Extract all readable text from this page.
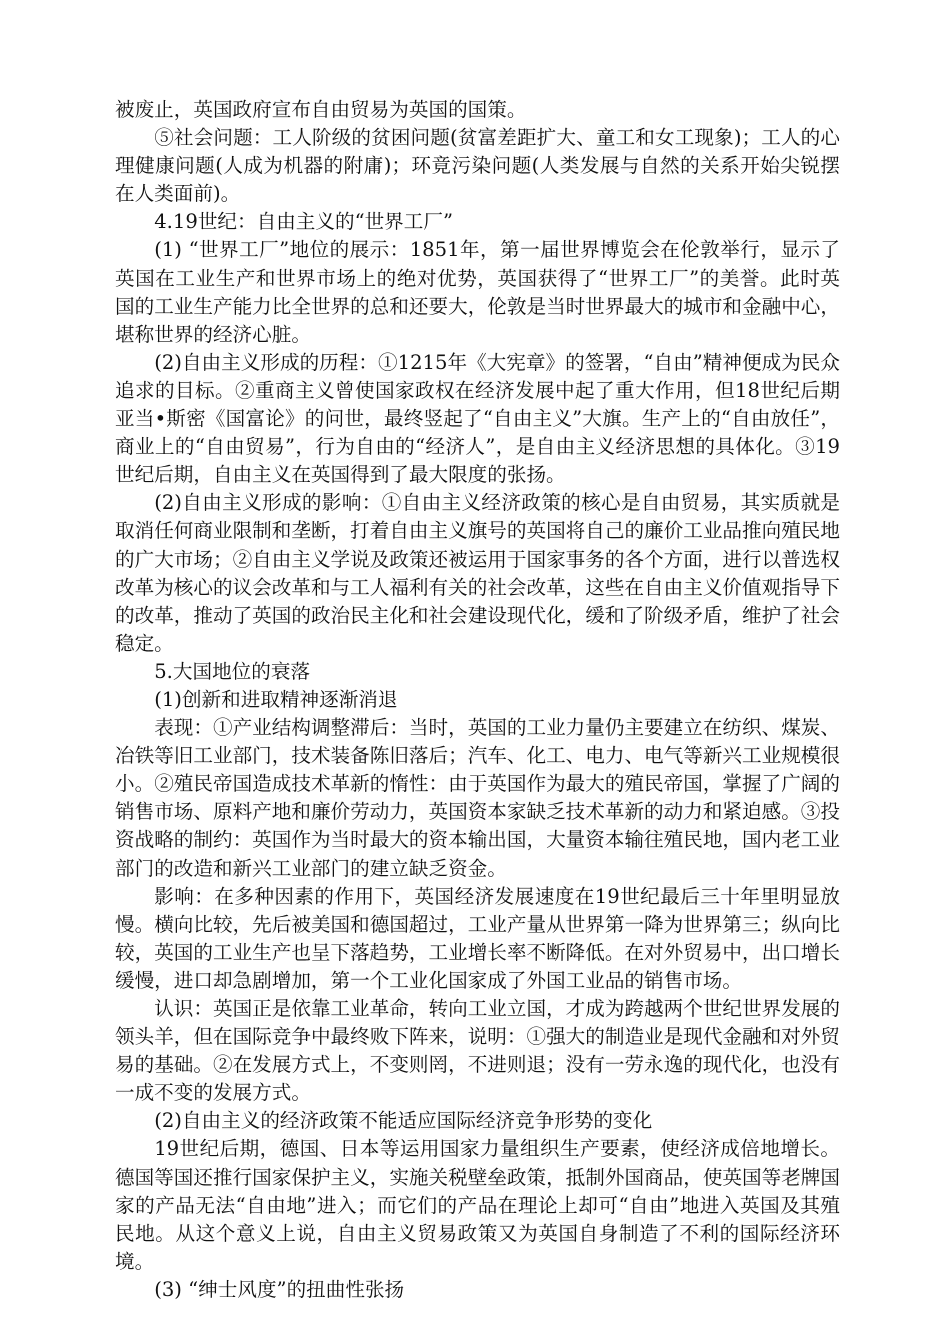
被废止，英国政府宣布自由贸易为英国的国策。

⑤社会问题：工人阶级的贫困问题(贫富差距扩大、童工和女工现象)；工人的心理健康问题(人成为机器的附庸)；环竟污染问题(人类发展与自然的关系开始尖锐摆在人类面前)。

4.19世纪：自由主义的“世界工厂”

(1) “世界工厂”地位的展示：1851年，第一届世界博览会在伦敦举行，显示了英国在工业生产和世界市场上的绝对优势，英国获得了“世界工厂”的美誉。此时英国的工业生产能力比全世界的总和还要大，伦敦是当时世界最大的城市和金融中心，堪称世界的经济心脏。

(2)自由主义形成的历程：①1215年《大宪章》的签署，“自由”精神便成为民众追求的目标。②重商主义曾使国家政权在经济发展中起了重大作用，但18世纪后期亚当•斯密《国富论》的问世，最终竖起了“自由主义”大旗。生产上的“自由放任”，商业上的“自由贸易”，行为自由的“经济人”，是自由主义经济思想的具体化。③19世纪后期，自由主义在英国得到了最大限度的张扬。

(2)自由主义形成的影响：①自由主义经济政策的核心是自由贸易，其实质就是取消任何商业限制和垄断，打着自由主义旗号的英国将自己的廉价工业品推向殖民地的广大市场；②自由主义学说及政策还被运用于国家事务的各个方面，进行以普选权改革为核心的议会改革和与工人福利有关的社会改革，这些在自由主义价值观指导下的改革，推动了英国的政治民主化和社会建设现代化，缓和了阶级矛盾，维护了社会稳定。

5.大国地位的衰落

(1)创新和进取精神逐渐消退

表现：①产业结构调整滞后：当时，英国的工业力量仍主要建立在纺织、煤炭、冶铁等旧工业部门，技术装备陈旧落后；汽车、化工、电力、电气等新兴工业规模很小。②殖民帝国造成技术革新的惰性：由于英国作为最大的殖民帝国，掌握了广阔的销售市场、原料产地和廉价劳动力，英国资本家缺乏技术革新的动力和紧迫感。③投资战略的制约：英国作为当时最大的资本输出国，大量资本输往殖民地，国内老工业部门的改造和新兴工业部门的建立缺乏资金。

影响：在多种因素的作用下，英国经济发展速度在19世纪最后三十年里明显放慢。横向比较，先后被美国和德国超过，工业产量从世界第一降为世界第三；纵向比较，英国的工业生产也呈下落趋势，工业增长率不断降低。在对外贸易中，出口增长缓慢，进口却急剧增加，第一个工业化国家成了外国工业品的销售市场。

认识：英国正是依靠工业革命，转向工业立国，才成为跨越两个世纪世界发展的领头羊，但在国际竞争中最终败下阵来，说明：①强大的制造业是现代金融和对外贸易的基础。②在发展方式上，不变则罔，不进则退；没有一劳永逸的现代化，也没有一成不变的发展方式。

(2)自由主义的经济政策不能适应国际经济竞争形势的变化

19世纪后期，德国、日本等运用国家力量组织生产要素，使经济成倍地增长。德国等国还推行国家保护主义，实施关税壁垒政策，抵制外国商品，使英国等老牌国家的产品无法“自由地”进入；而它们的产品在理论上却可“自由”地进入英国及其殖民地。从这个意义上说，自由主义贸易政策又为英国自身制造了不利的国际经济环境。

(3) “绅士风度”的扭曲性张扬
